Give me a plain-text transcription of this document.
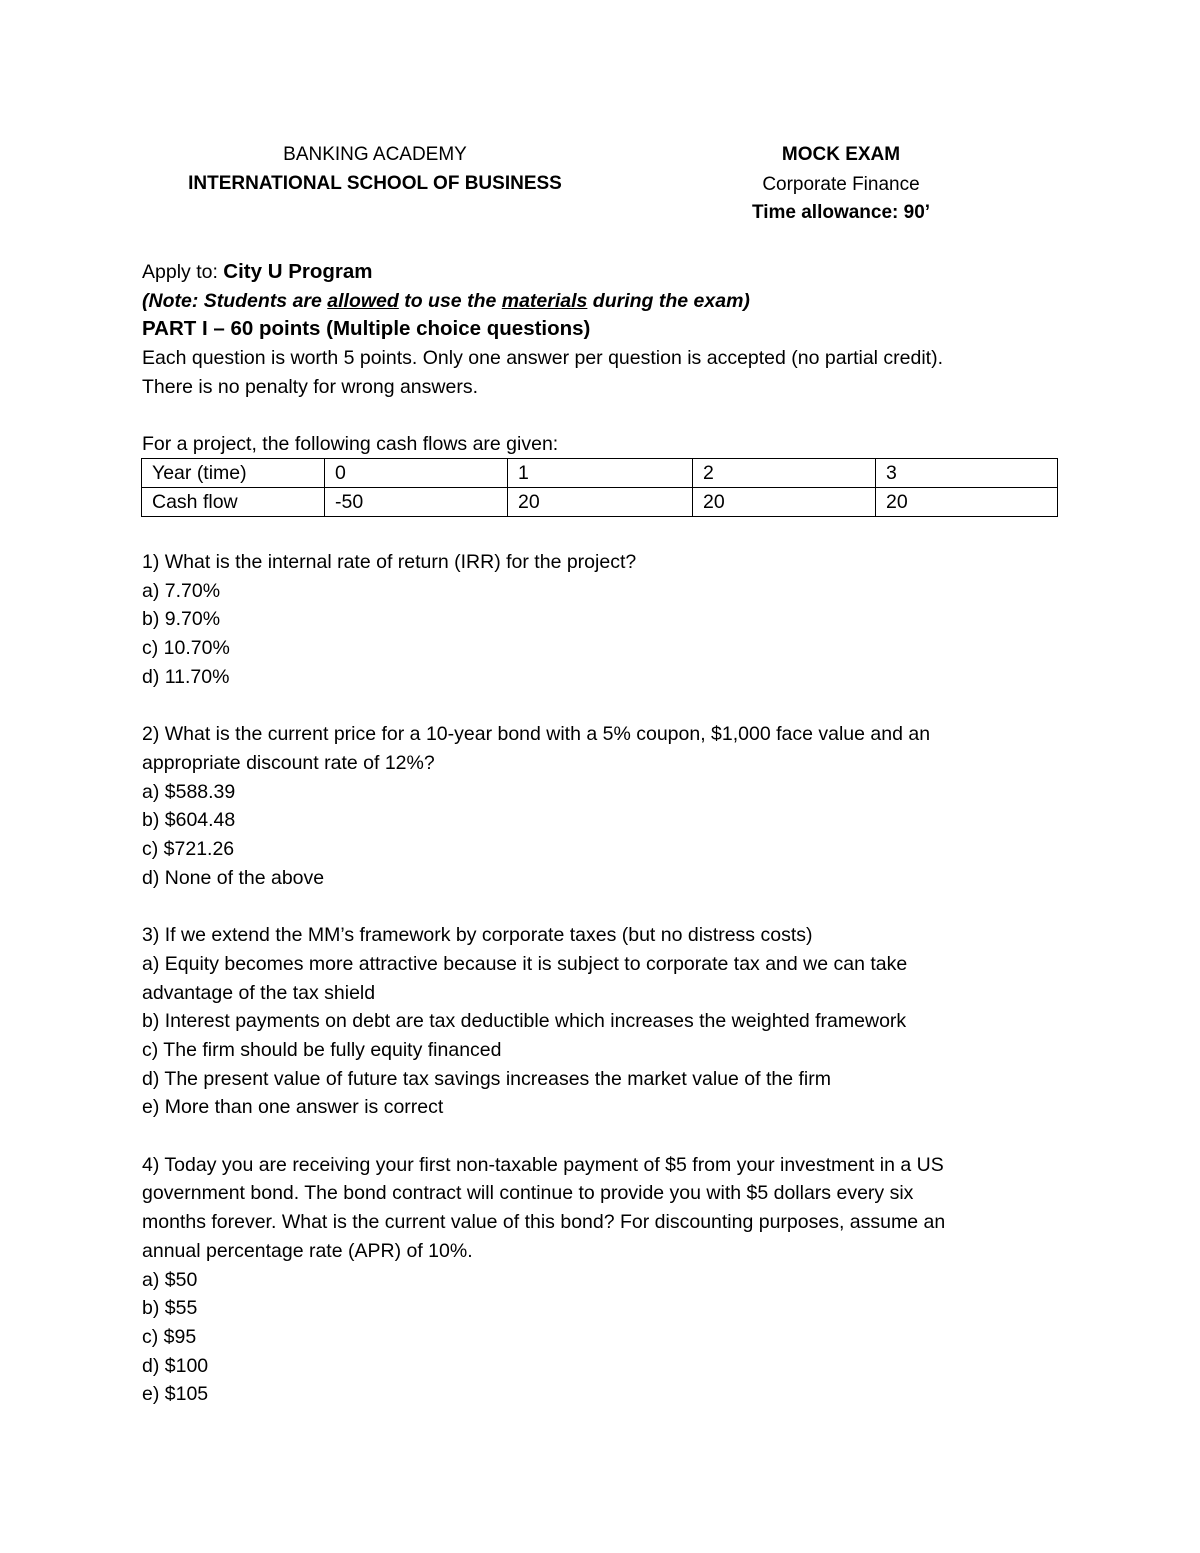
BANKING ACADEMY
INTERNATIONAL SCHOOL OF BUSINESS
MOCK EXAM
Corporate Finance
Time allowance: 90’
Apply to: City U Program
(Note: Students are allowed to use the materials during the exam)
PART I – 60 points (Multiple choice questions)
Each question is worth 5 points. Only one answer per question is accepted (no partial credit).
There is no penalty for wrong answers.
For a project, the following cash flows are given:
Year (time)	0	1	2	3
Cash flow	-50	20	20	20
1) What is the internal rate of return (IRR) for the project?
a) 7.70%
b) 9.70%
c) 10.70%
d) 11.70%
2) What is the current price for a 10-year bond with a 5% coupon, $1,000 face value and an
appropriate discount rate of 12%?
a) $588.39
b) $604.48
c) $721.26
d) None of the above
3) If we extend the MM’s framework by corporate taxes (but no distress costs)
a) Equity becomes more attractive because it is subject to corporate tax and we can take
advantage of the tax shield
b) Interest payments on debt are tax deductible which increases the weighted framework
c) The firm should be fully equity financed
d) The present value of future tax savings increases the market value of the firm
e) More than one answer is correct
4) Today you are receiving your first non-taxable payment of $5 from your investment in a US
government bond. The bond contract will continue to provide you with $5 dollars every six
months forever. What is the current value of this bond? For discounting purposes, assume an
annual percentage rate (APR) of 10%.
a) $50
b) $55
c) $95
d) $100
e) $105
